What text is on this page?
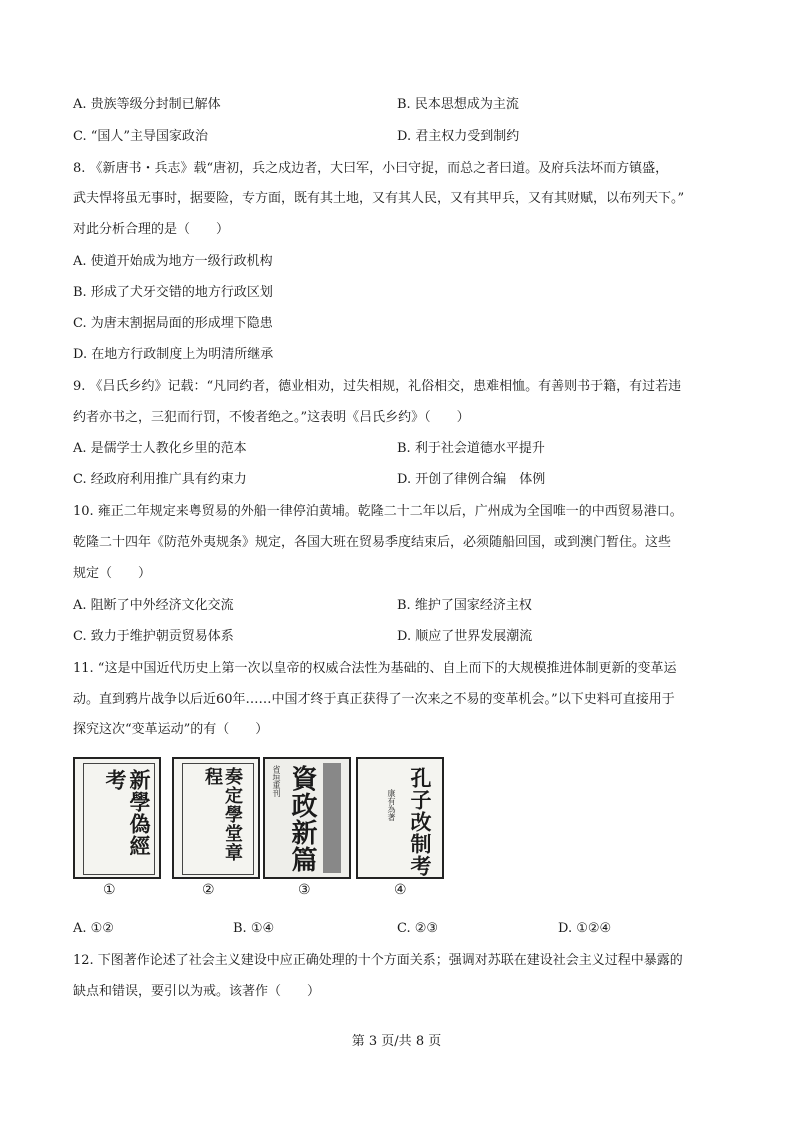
A. 贵族等级分封制已解体	B. 民本思想成为主流
C. “国人”主导国家政治	D. 君主权力受到制约
8. 《新唐书・兵志》载“唐初，兵之戍边者，大曰军，小曰守捉，而总之者曰道。及府兵法坏而方镇盛，
武夫悍将虽无事时，据要险，专方面，既有其土地，又有其人民，又有其甲兵，又有其财赋，以布列天下。”
对此分析合理的是（　　）
A. 使道开始成为地方一级行政机构
B. 形成了犬牙交错的地方行政区划
C. 为唐末割据局面的形成埋下隐患
D. 在地方行政制度上为明清所继承
9. 《吕氏乡约》记载：“凡同约者，德业相劝，过失相规，礼俗相交，患难相恤。有善则书于籍，有过若违
约者亦书之，三犯而行罚，不悛者绝之。”这表明《吕氏乡约》（　　）
A. 是儒学士人教化乡里的范本	B. 利于社会道德水平提升
C. 经政府利用推广具有约束力	D. 开创了律例合编　体例
10. 雍正二年规定来粤贸易的外船一律停泊黄埔。乾隆二十二年以后，广州成为全国唯一的中西贸易港口。
乾隆二十四年《防范外夷规条》规定，各国大班在贸易季度结束后，必须随船回国，或到澳门暂住。这些
规定（　　）
A. 阻断了中外经济文化交流	B. 维护了国家经济主权
C. 致力于维护朝贡贸易体系	D. 顺应了世界发展潮流
11. “这是中国近代历史上第一次以皇帝的权威合法性为基础的、自上而下的大规模推进体制更新的变革运
动。直到鸦片战争以后近60年……中国才终于真正获得了一次来之不易的变革机会。”以下史料可直接用于
探究这次“变革运动”的有（　　）
新學偽經考
①
奏定學堂章程
②
省垣重刊 資政新篇
③
康有為著 孔子改制考
④
A. ①②	B. ①④	C. ②③	D. ①②④
12. 下图著作论述了社会主义建设中应正确处理的十个方面关系；强调对苏联在建设社会主义过程中暴露的
缺点和错误，要引以为戒。该著作（　　）
第 3 页/共 8 页
